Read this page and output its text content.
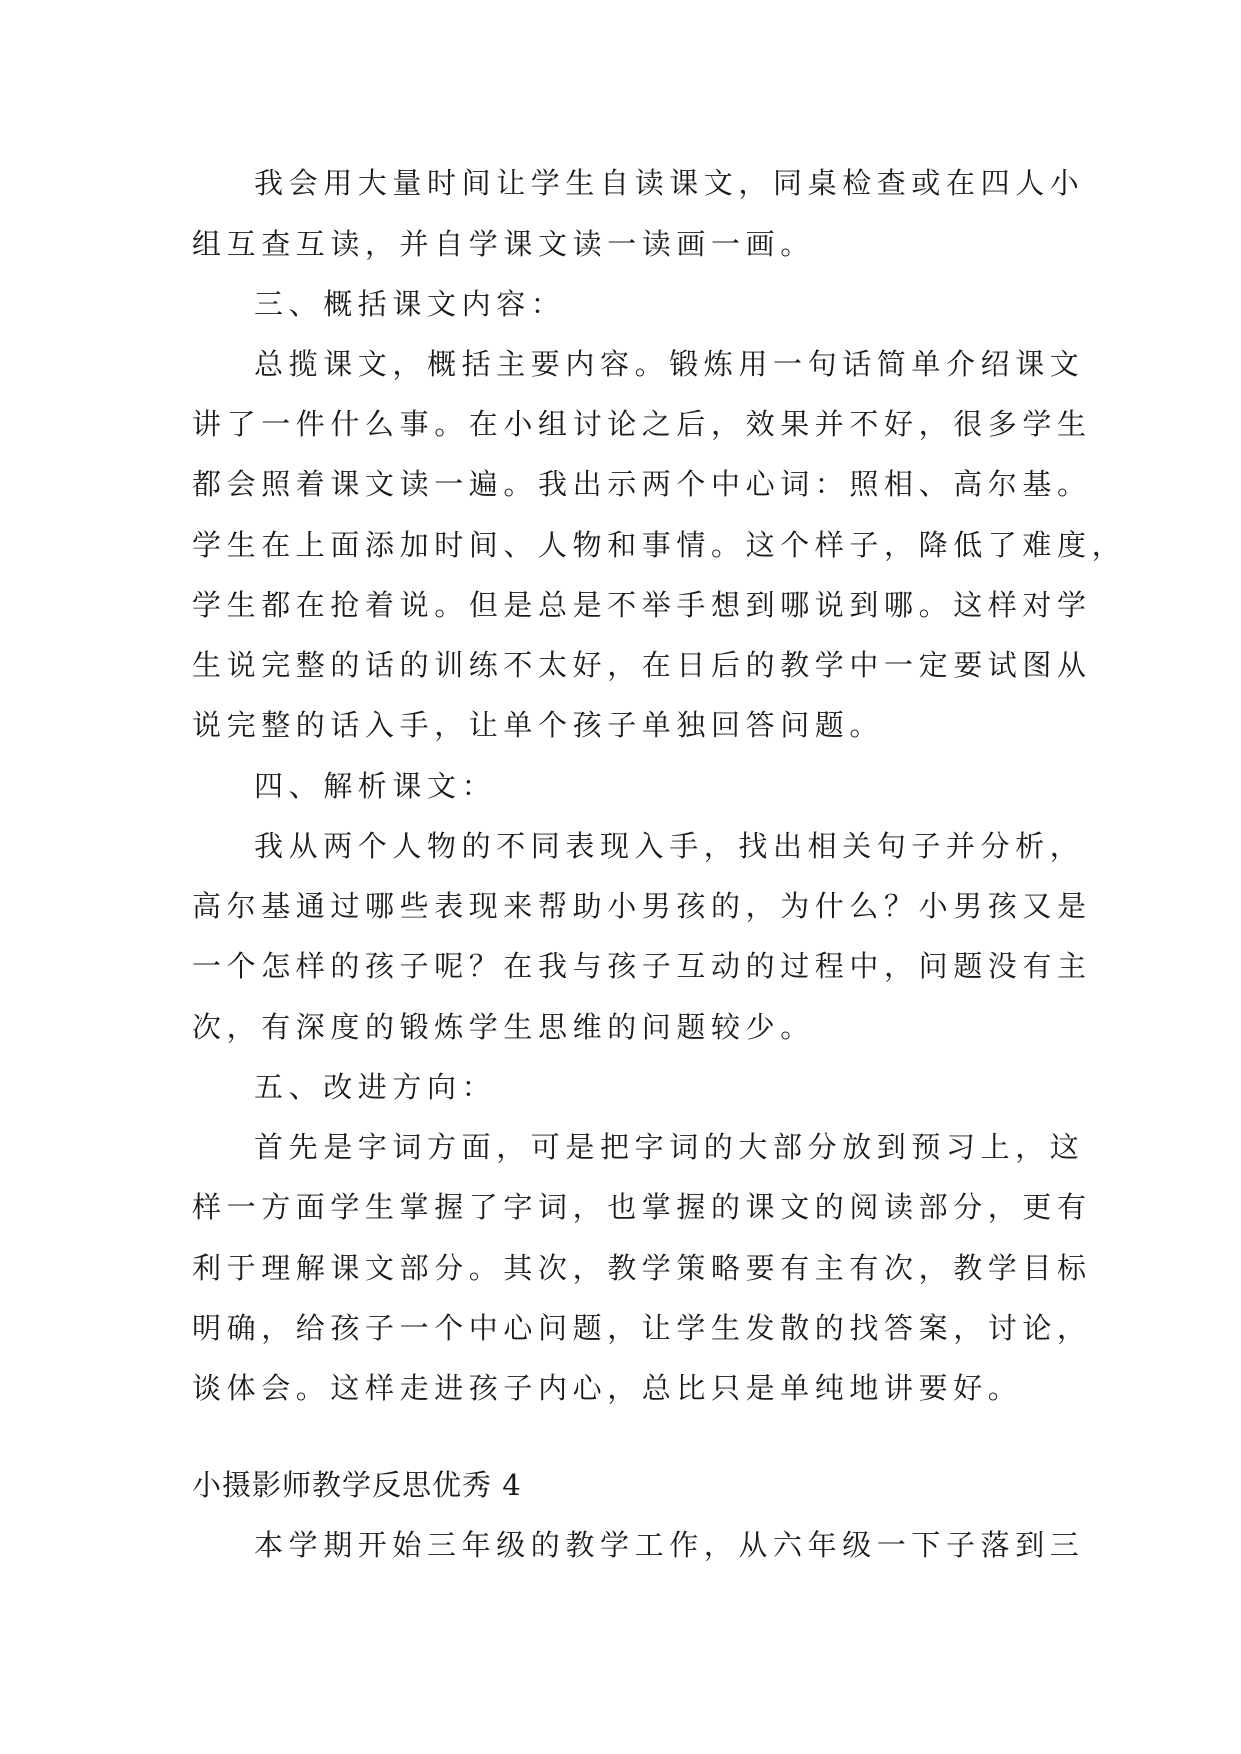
我会用大量时间让学生自读课文，同桌检查或在四人小
组互查互读，并自学课文读一读画一画。
三、概括课文内容：
总揽课文，概括主要内容。锻炼用一句话简单介绍课文
讲了一件什么事。在小组讨论之后，效果并不好，很多学生
都会照着课文读一遍。我出示两个中心词：照相、高尔基。
学生在上面添加时间、人物和事情。这个样子，降低了难度，
学生都在抢着说。但是总是不举手想到哪说到哪。这样对学
生说完整的话的训练不太好，在日后的教学中一定要试图从
说完整的话入手，让单个孩子单独回答问题。
四、解析课文：
我从两个人物的不同表现入手，找出相关句子并分析，
高尔基通过哪些表现来帮助小男孩的，为什么？小男孩又是
一个怎样的孩子呢？在我与孩子互动的过程中，问题没有主
次，有深度的锻炼学生思维的问题较少。
五、改进方向：
首先是字词方面，可是把字词的大部分放到预习上，这
样一方面学生掌握了字词，也掌握的课文的阅读部分，更有
利于理解课文部分。其次，教学策略要有主有次，教学目标
明确，给孩子一个中心问题，让学生发散的找答案，讨论，
谈体会。这样走进孩子内心，总比只是单纯地讲要好。
小摄影师教学反思优秀 4
本学期开始三年级的教学工作，从六年级一下子落到三
